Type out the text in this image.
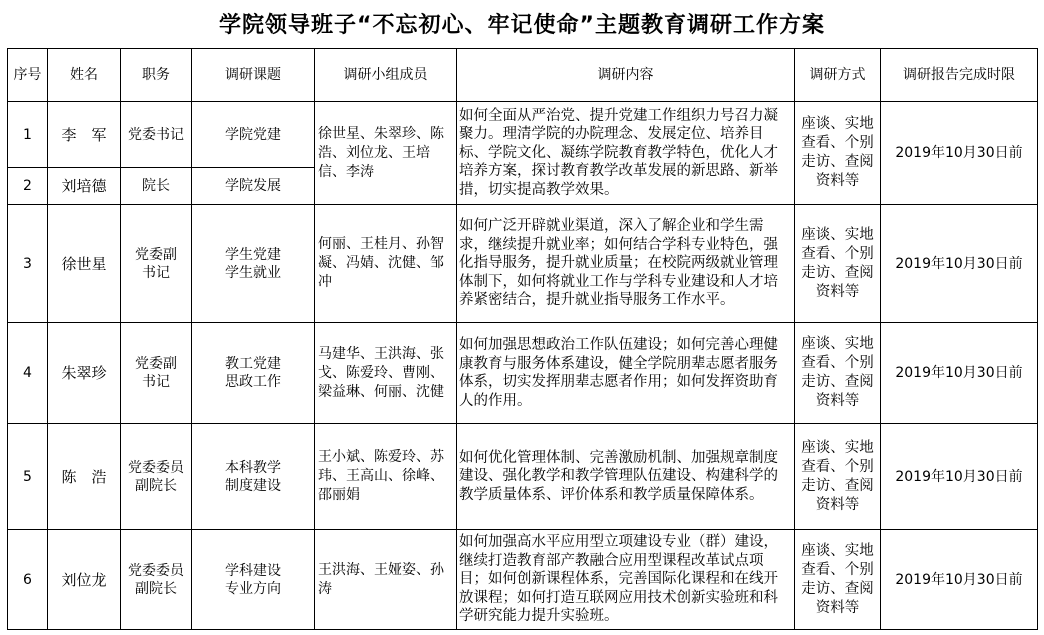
学院领导班子“不忘初心、牢记使命”主题教育调研工作方案
序号	姓名	职务	调研课题	调研小组成员	调研内容	调研方式	调研报告完成时限
1	李　军	党委书记	学院党建	徐世星、朱翠珍、陈浩、刘位龙、王培信、李涛	如何全面从严治党、提升党建工作组织力号召力凝聚力。理清学院的办院理念、发展定位、培养目标、学院文化、凝练学院教育教学特色，优化人才培养方案，探讨教育教学改革发展的新思路、新举措，切实提高教学效果。	座谈、实地查看、个别走访、查阅资料等	2019年10月30日前
2	刘培德	院长	学院发展				
3	徐世星	党委副书记	学生党建学生就业	何丽、王桂月、孙智凝、冯婧、沈健、邹冲	如何广泛开辟就业渠道，深入了解企业和学生需求，继续提升就业率；如何结合学科专业特色，强化指导服务，提升就业质量；在校院两级就业管理体制下，如何将就业工作与学科专业建设和人才培养紧密结合，提升就业指导服务工作水平。	座谈、实地查看、个别走访、查阅资料等	2019年10月30日前
4	朱翠珍	党委副书记	教工党建思政工作	马建华、王洪海、张戈、陈爱玲、曹刚、梁益琳、何丽、沈健	如何加强思想政治工作队伍建设；如何完善心理健康教育与服务体系建设，健全学院朋辈志愿者服务体系，切实发挥朋辈志愿者作用；如何发挥资助育人的作用。	座谈、实地查看、个别走访、查阅资料等	2019年10月30日前
5	陈　浩	党委委员副院长	本科教学制度建设	王小斌、陈爱玲、苏玮、王高山、徐峰、邵丽娟	如何优化管理体制、完善激励机制、加强规章制度建设、强化教学和教学管理队伍建设、构建科学的教学质量体系、评价体系和教学质量保障体系。	座谈、实地查看、个别走访、查阅资料等	2019年10月30日前
6	刘位龙	党委委员副院长	学科建设专业方向	王洪海、王娅姿、孙涛	如何加强高水平应用型立项建设专业（群）建设，继续打造教育部产教融合应用型课程改革试点项目；如何创新课程体系，完善国际化课程和在线开放课程；如何打造互联网应用技术创新实验班和科学研究能力提升实验班。	座谈、实地查看、个别走访、查阅资料等	2019年10月30日前
